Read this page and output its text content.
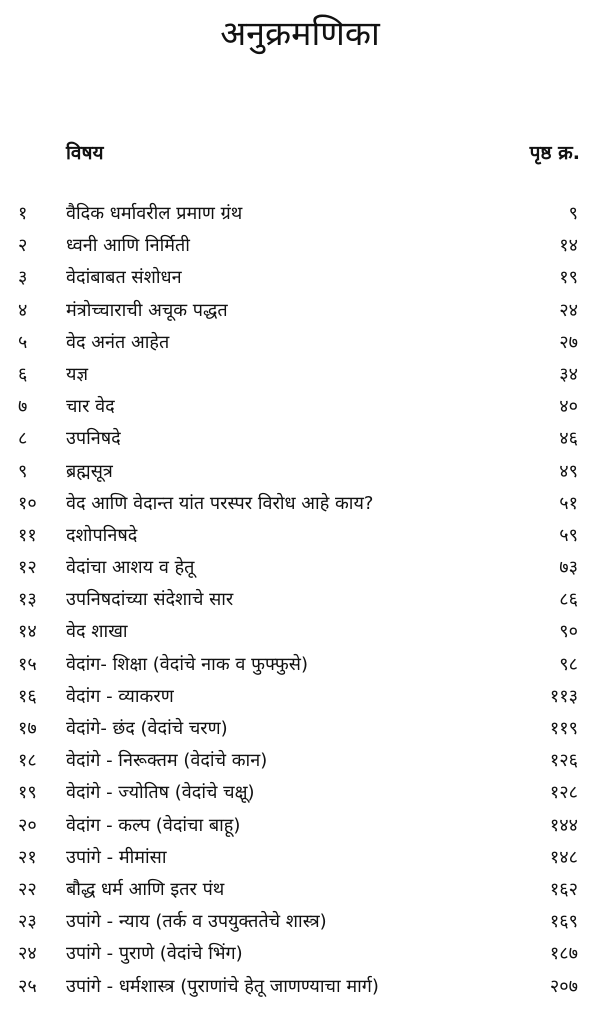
अनुक्रमणिका
विषय	पृष्ठ क्र.
१	वैदिक धर्मावरील प्रमाण ग्रंथ	९
२	ध्वनी आणि निर्मिती	१४
३	वेदांबाबत संशोधन	१९
४	मंत्रोच्चाराची अचूक पद्धत	२४
५	वेद अनंत आहेत	२७
६	यज्ञ	३४
७	चार वेद	४०
८	उपनिषदे	४६
९	ब्रह्मसूत्र	४९
१०	वेद आणि वेदान्त यांत परस्पर विरोध आहे काय?	५१
११	दशोपनिषदे	५९
१२	वेदांचा आशय व हेतू	७३
१३	उपनिषदांच्या संदेशाचे सार	८६
१४	वेद शाखा	९०
१५	वेदांग- शिक्षा (वेदांचे नाक व फुफ्फुसे)	९८
१६	वेदांग - व्याकरण	११३
१७	वेदांगे- छंद (वेदांचे चरण)	११९
१८	वेदांगे - निरूक्तम (वेदांचे कान)	१२६
१९	वेदांगे - ज्योतिष (वेदांचे चक्षू)	१२८
२०	वेदांग - कल्प (वेदांचा बाहू)	१४४
२१	उपांगे - मीमांसा	१४८
२२	बौद्ध धर्म आणि इतर पंथ	१६२
२३	उपांगे - न्याय (तर्क व उपयुक्ततेचे शास्त्र)	१६९
२४	उपांगे - पुराणे (वेदांचे भिंग)	१८७
२५	उपांगे - धर्मशास्त्र (पुराणांचे हेतू जाणण्याचा मार्ग)	२०७
